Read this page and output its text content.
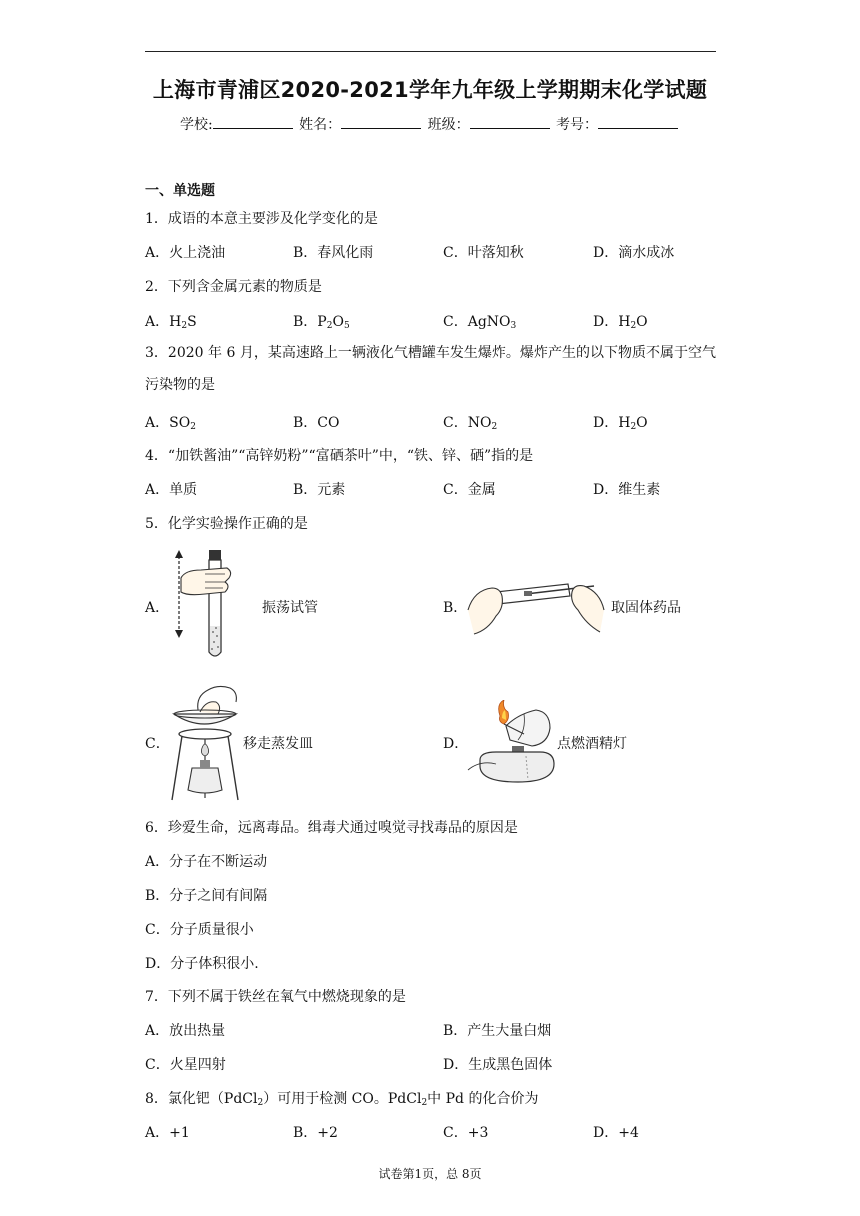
上海市青浦区2020-2021学年九年级上学期期末化学试题
学校:	姓名：	班级：	考号：
一、单选题
1．成语的本意主要涉及化学变化的是
A．火上浇油	B．春风化雨	C．叶落知秋	D．滴水成冰
2．下列含金属元素的物质是
A．$H_2S$	B．$P_2O_5$	C．AgNO$_3$	D．$H_2O$
3．2020 年 6 月，某高速路上一辆液化气槽罐车发生爆炸。爆炸产生的以下物质不属于空气污染物的是
A．$SO_2$	B．CO	C．$NO_2$	D．$H_2O$
4．“加铁酱油”“高锌奶粉”“富硒茶叶”中，“铁、锌、硒”指的是
A．单质	B．元素	C．金属	D．维生素
5．化学实验操作正确的是
A．	振荡试管	B．	取固体药品
C．	移走蒸发皿	D．	点燃酒精灯
6．珍爱生命，远离毒品。缉毒犬通过嗅觉寻找毒品的原因是
A．分子在不断运动
B．分子之间有间隔
C．分子质量很小
D．分子体积很小.
7．下列不属于铁丝在氧气中燃烧现象的是
A．放出热量	B．产生大量白烟
C．火星四射	D．生成黑色固体
8．氯化钯（PdCl$_2$）可用于检测 CO。PdCl$_2$中 Pd 的化合价为
A．+1	B．+2	C．+3	D．+4
试卷第1页，总 8页
